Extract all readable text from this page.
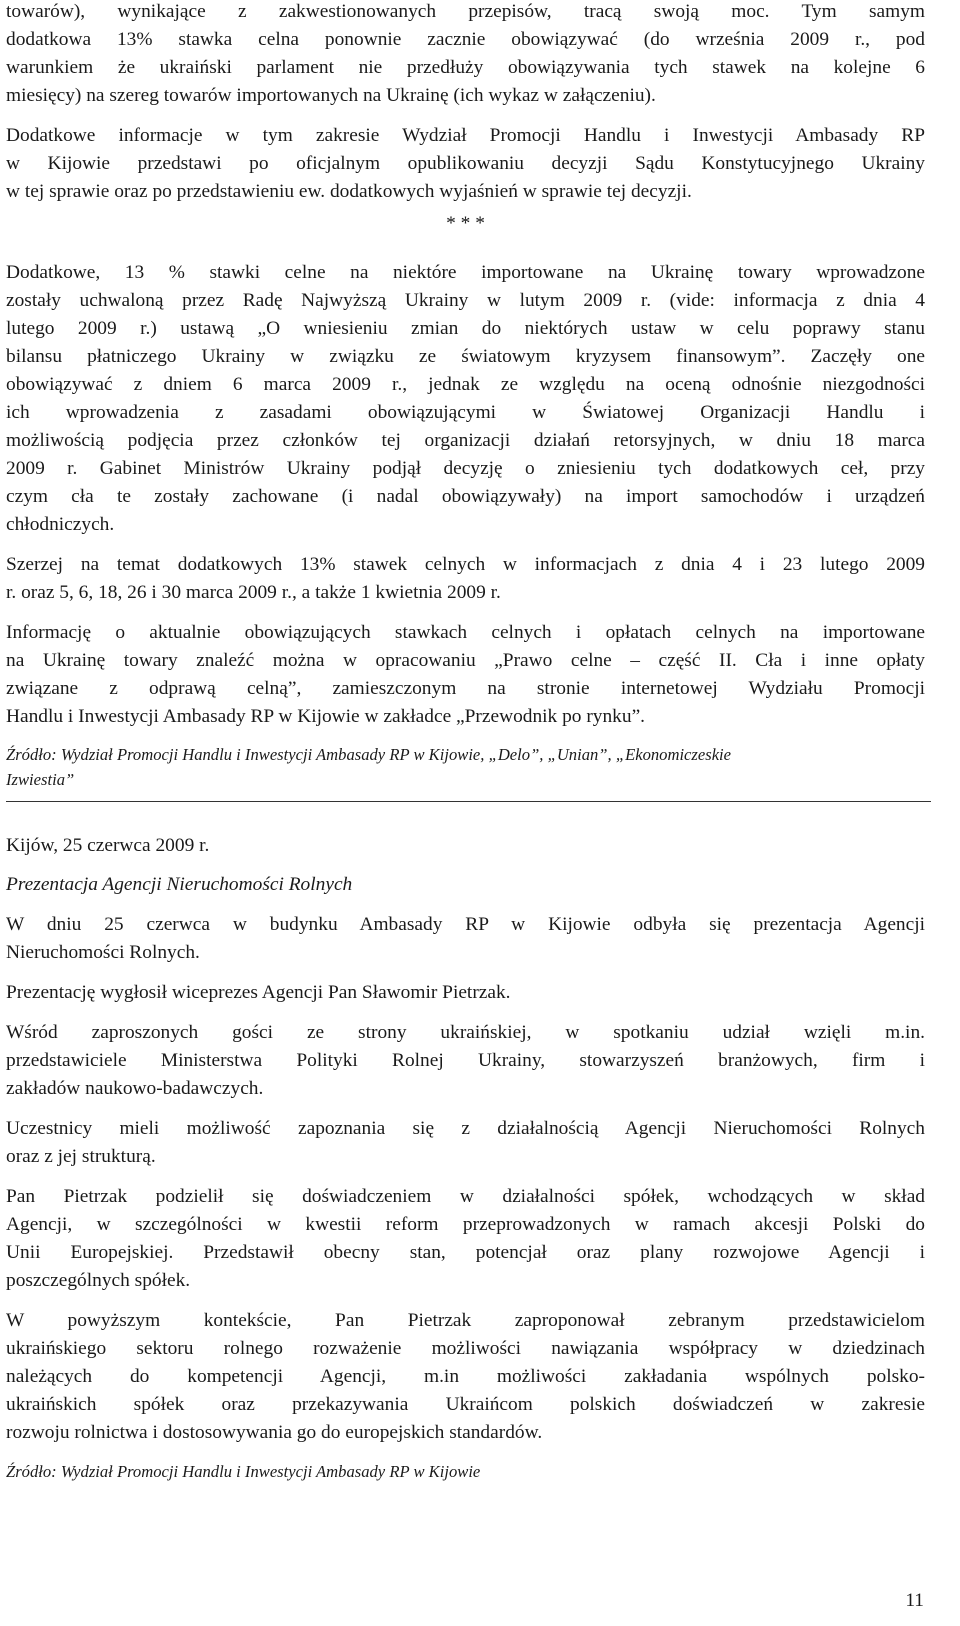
towarów), wynikające z zakwestionowanych przepisów, tracą swoją moc. Tym samym
dodatkowa 13% stawka celna ponownie zacznie obowiązywać (do września 2009 r., pod
warunkiem że ukraiński parlament nie przedłuży obowiązywania tych stawek na kolejne 6
miesięcy) na szereg towarów importowanych na Ukrainę (ich wykaz w załączeniu).
Dodatkowe informacje w tym zakresie Wydział Promocji Handlu i Inwestycji Ambasady RP
w Kijowie przedstawi po oficjalnym opublikowaniu decyzji Sądu Konstytucyjnego Ukrainy
w tej sprawie oraz po przedstawieniu ew. dodatkowych wyjaśnień w sprawie tej decyzji.
* * *
Dodatkowe, 13 % stawki celne na niektóre importowane na Ukrainę towary wprowadzone
zostały uchwaloną przez Radę Najwyższą Ukrainy w lutym 2009 r. (vide: informacja z dnia 4
lutego 2009 r.) ustawą „O wniesieniu zmian do niektórych ustaw w celu poprawy stanu
bilansu płatniczego Ukrainy w związku ze światowym kryzysem finansowym”. Zaczęły one
obowiązywać z dniem 6 marca 2009 r., jednak ze względu na oceną odnośnie niezgodności
ich wprowadzenia z zasadami obowiązującymi w Światowej Organizacji Handlu i
możliwością podjęcia przez członków tej organizacji działań retorsyjnych, w dniu 18 marca
2009 r. Gabinet Ministrów Ukrainy podjął decyzję o zniesieniu tych dodatkowych ceł, przy
czym cła te zostały zachowane (i nadal obowiązywały) na import samochodów i urządzeń
chłodniczych.
Szerzej na temat dodatkowych 13% stawek celnych w informacjach z dnia 4 i 23 lutego 2009
r. oraz 5, 6, 18, 26 i 30 marca 2009 r., a także 1 kwietnia 2009 r.
Informację o aktualnie obowiązujących stawkach celnych i opłatach celnych na importowane
na Ukrainę towary znaleźć można w opracowaniu „Prawo celne – część II. Cła i inne opłaty
związane z odprawą celną”, zamieszczonym na stronie internetowej Wydziału Promocji
Handlu i Inwestycji Ambasady RP w Kijowie w zakładce „Przewodnik po rynku”.
Źródło: Wydział Promocji Handlu i Inwestycji Ambasady RP w Kijowie, „Delo”, „Unian”, „Ekonomiczeskie
Izwiestia”
Kijów, 25 czerwca 2009 r.
Prezentacja Agencji Nieruchomości Rolnych
W dniu 25 czerwca w budynku Ambasady RP w Kijowie odbyła się prezentacja Agencji
Nieruchomości Rolnych.
Prezentację wygłosił wiceprezes Agencji Pan Sławomir Pietrzak.
Wśród zaproszonych gości ze strony ukraińskiej, w spotkaniu udział wzięli m.in.
przedstawiciele Ministerstwa Polityki Rolnej Ukrainy, stowarzyszeń branżowych, firm i
zakładów naukowo-badawczych.
Uczestnicy mieli możliwość zapoznania się z działalnością Agencji Nieruchomości Rolnych
oraz z jej strukturą.
Pan Pietrzak podzielił się doświadczeniem w działalności spółek, wchodzących w skład
Agencji, w szczególności w kwestii reform przeprowadzonych w ramach akcesji Polski do
Unii Europejskiej. Przedstawił obecny stan, potencjał oraz plany rozwojowe Agencji i
poszczególnych spółek.
W powyższym kontekście, Pan Pietrzak zaproponował zebranym przedstawicielom
ukraińskiego sektoru rolnego rozważenie możliwości nawiązania współpracy w dziedzinach
należących do kompetencji Agencji, m.in możliwości zakładania wspólnych polsko-
ukraińskich spółek oraz przekazywania Ukraińcom polskich doświadczeń w zakresie
rozwoju rolnictwa i dostosowywania go do europejskich standardów.
Źródło: Wydział Promocji Handlu i Inwestycji Ambasady RP w Kijowie
11
